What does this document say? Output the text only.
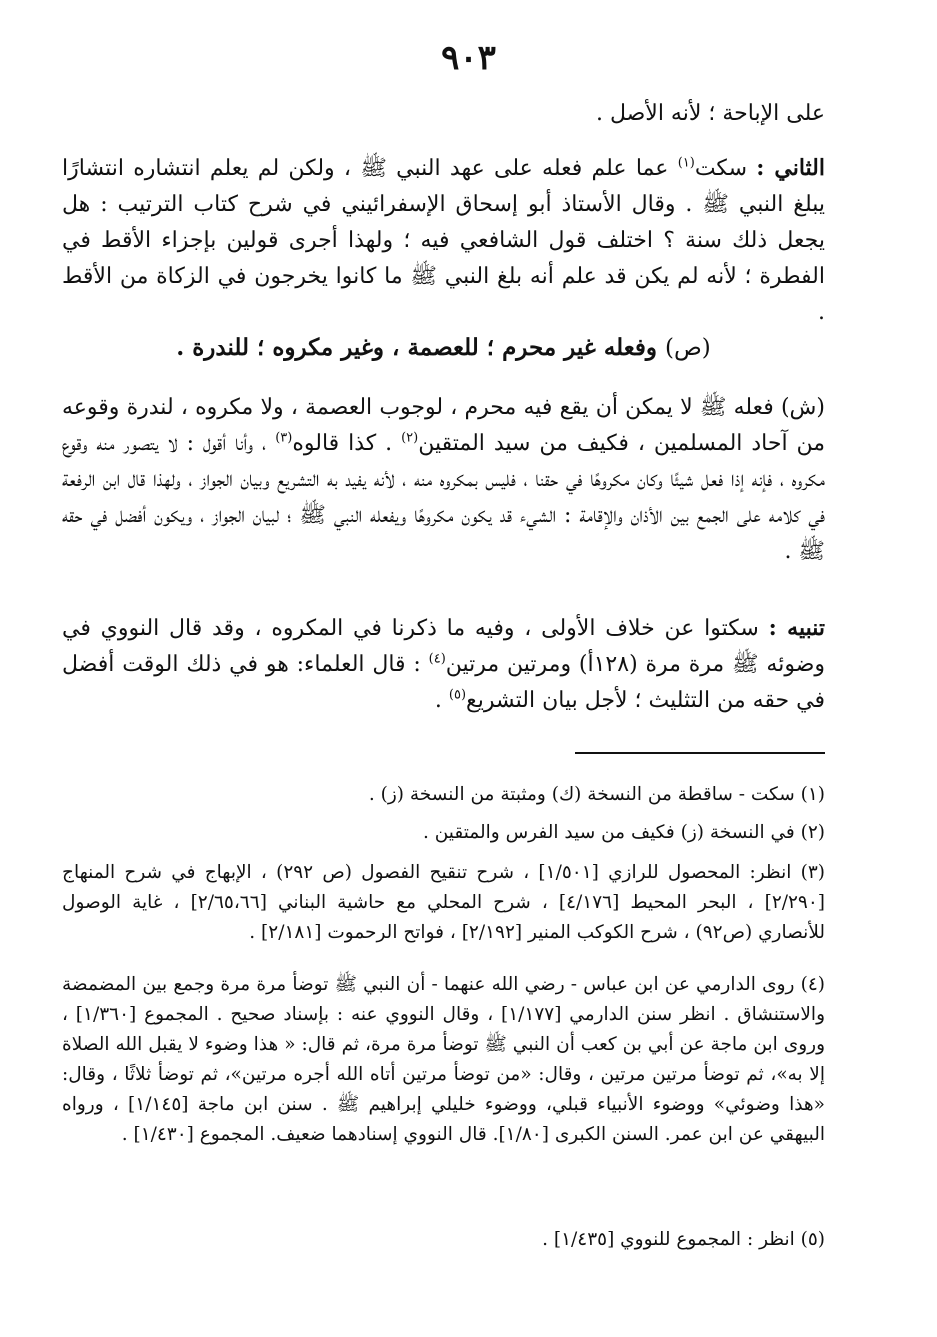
٩٠٣

على الإباحة ؛ لأنه الأصل .

الثاني : سكت$^{(١)}$ عما علم فعله على عهد النبي ﷺ ، ولكن لم يعلم انتشاره انتشارًا يبلغ النبي ﷺ . وقال الأستاذ أبو إسحاق الإسفرائيني في شرح كتاب الترتيب : هل يجعل ذلك سنة ؟ اختلف قول الشافعي فيه ؛ ولهذا أجرى قولين بإجزاء الأقط في الفطرة ؛ لأنه لم يكن قد علم أنه بلغ النبي ﷺ ما كانوا يخرجون في الزكاة من الأقط .

(ص) وفعله غير محرم ؛ للعصمة ، وغير مكروه ؛ للندرة .

(ش) فعله ﷺ لا يمكن أن يقع فيه محرم ، لوجوب العصمة ، ولا مكروه ، لندرة وقوعه من آحاد المسلمين ، فكيف من سيد المتقين$^{(٢)}$ . كذا قالوه$^{(٣)}$ ، وأنا أقول : لا يتصور منه وقوع مكروه ، فإنه إذا فعل شيئًا وكان مكروهًا في حقنا ، فليس بمكروه منه ، لأنه يفيد به التشريع وبيان الجواز ، ولهذا قال ابن الرفعة في كلامه على الجمع بين الأذان والإقامة : الشيء قد يكون مكروهًا ويفعله النبي ﷺ ؛ لبيان الجواز ، ويكون أفضل في حقه ﷺ .

تنبيه : سكتوا عن خلاف الأولى ، وفيه ما ذكرنا في المكروه ، وقد قال النووي في وضوئه ﷺ مرة مرة (١٢٨أ) ومرتين مرتين$^{(٤)}$ : قال العلماء: هو في ذلك الوقت أفضل في حقه من التثليث ؛ لأجل بيان التشريع$^{(٥)}$ .

(١) سكت - ساقطة من النسخة (ك) ومثبتة من النسخة (ز) .

(٢) في النسخة (ز) فكيف من سيد الفرس والمتقين .

(٣) انظر: المحصول للرازي [١/٥٠١] ، شرح تنقيح الفصول (ص ٢٩٢) ، الإبهاج في شرح المنهاج [٢/٢٩٠] ، البحر المحيط [٤/١٧٦] ، شرح المحلي مع حاشية البناني [٢/٦٥،٦٦] ، غاية الوصول للأنصاري (ص٩٢) ، شرح الكوكب المنير [٢/١٩٢] ، فواتح الرحموت [٢/١٨١] .

(٤) روى الدارمي عن ابن عباس - رضي الله عنهما - أن النبي ﷺ توضأ مرة مرة وجمع بين المضمضة والاستنشاق . انظر سنن الدارمي [١/١٧٧] ، وقال النووي عنه : بإسناد صحيح . المجموع [١/٣٦٠] ، وروى ابن ماجة عن أبي بن كعب أن النبي ﷺ توضأ مرة مرة، ثم قال: « هذا وضوء لا يقبل الله الصلاة إلا به»، ثم توضأ مرتين مرتين ، وقال: «من توضأ مرتين أتاه الله أجره مرتين»، ثم توضأ ثلاثًا ، وقال: «هذا وضوئي» ووضوء الأنبياء قبلي، ووضوء خليلي إبراهيم ﷺ . سنن ابن ماجة [١/١٤٥] ، ورواه البيهقي عن ابن عمر. السنن الكبرى [١/٨٠]. قال النووي إسنادهما ضعيف. المجموع [١/٤٣٠] .

(٥) انظر : المجموع للنووي [١/٤٣٥] .
